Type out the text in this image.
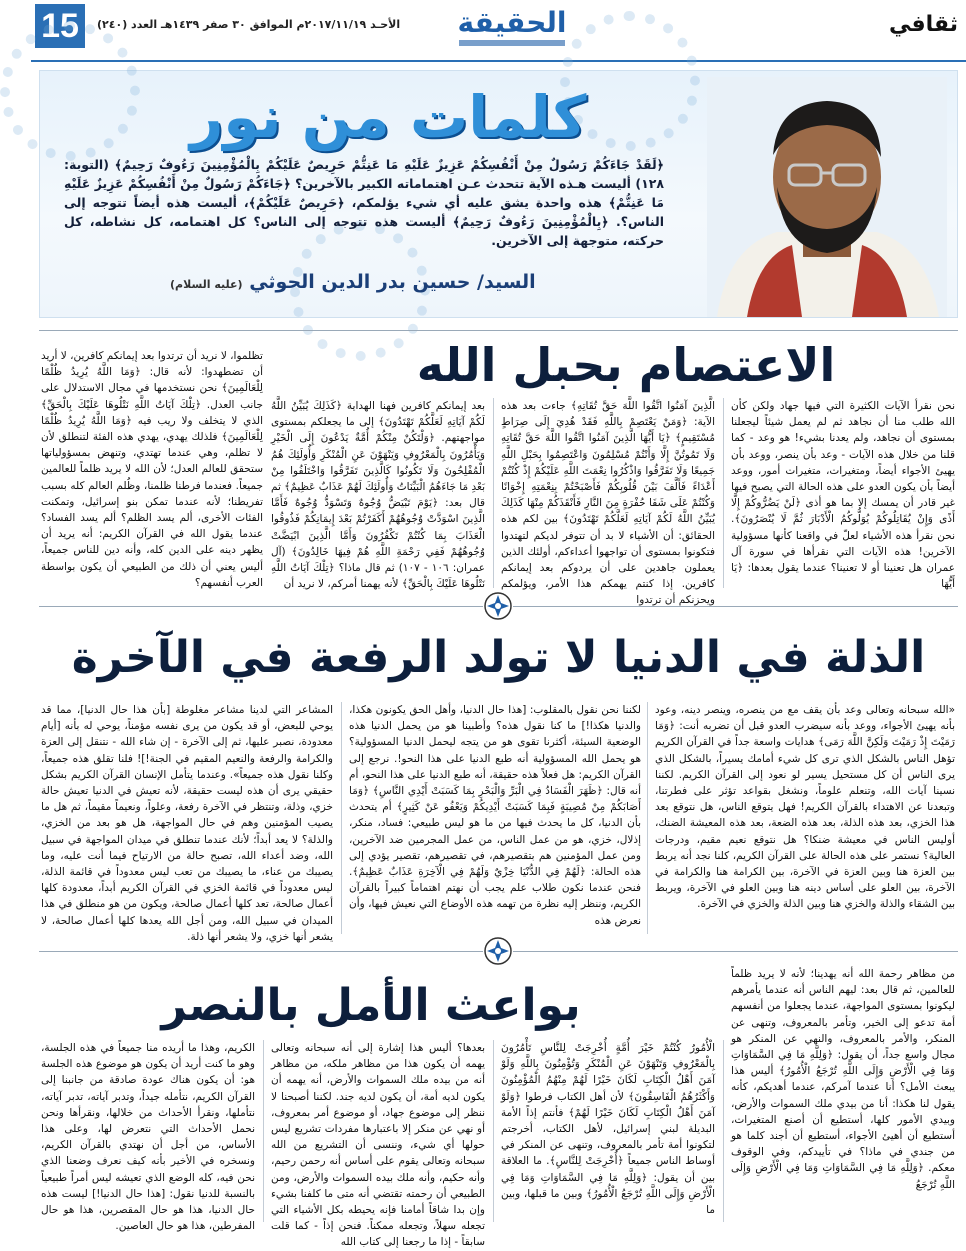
15	الأحـد ٢٠١٧/١١/١٩م الموافق ٣٠ صفر ١٤٣٩هـ العدد (٢٤٠) الحقيقة	ثقافي
كلمات من نور
﴿لَقَدْ جَاءَكُمْ رَسُولٌ مِنْ أَنْفُسِكُمْ عَزِيزٌ عَلَيْهِ مَا عَنِتُّمْ حَرِيصٌ عَلَيْكُمْ بِالْمُؤْمِنِينَ رَءُوفٌ رَحِيمٌ﴾ (التوبة: ١٢٨) أليست هـذه الآية تتحدث عـن اهتماماته الكبير بالآخرين؟ ﴿جَاءَكُمْ رَسُولٌ مِنْ أَنْفُسِكُمْ عَزِيزٌ عَلَيْهِ مَا عَنِتُّمْ﴾ هذه واحدة يشق عليه أي شيء يؤلمكم، ﴿حَرِيصٌ عَلَيْكُمْ﴾، أليست هذه أيضاً تتوجه إلى الناس؟. ﴿بِالْمُؤْمِنِينَ رَءُوفٌ رَحِيمٌ﴾ أليست هذه تتوجه إلى الناس؟ كل اهتمامه، كل نشاطه، كل حركته، متوجهة إلى الآخرين.
السيد/ حسين بدر الدين الحوثي (عليه السلام)
الاعتصام بحبل الله
نحن نقرأ الآيات الكثيرة التي فيها جهاد ولكن كأن الله طلب منا أن نجاهد ثم لم يعمل شيئاً ليجعلنا بمستوى أن نجاهد، ولم يعدنا بشيء! هو وعد - كما قلنا من خلال هذه الآيات - وعد بأن ينصر، ووعد بأن يهيئ الأجواء أيضاً، ومتغيرات، متغيرات أمور، ووعد أيضاً بأن يكون العدو على هذه الحالة التي يصبح فيها غير قادر أن يمسك إلا بما هو أذى ﴿لَنْ يَضُرُّوكُمْ إِلَّا أَذًى وَإِنْ يُقَاتِلُوكُمْ يُوَلُّوكُمُ الْأَدْبَارَ ثُمَّ لَا يُنْصَرُونَ﴾. نحن نقرأ هذه الأشياء لعلّ في واقعنا كأنها مسؤولية الآخرين! هذه الآيات التي نقرأها في سورة آل عمران هل تعنينا أو لا تعنينا؟ عندما يقول بعدها: ﴿يَا أَيُّهَا
الَّذِينَ آمَنُوا اتَّقُوا اللَّهَ حَقَّ تُقَاتِهِ﴾ جاءت بعد هذه الآية: ﴿وَمَنْ يَعْتَصِمْ بِاللَّهِ فَقَدْ هُدِيَ إِلَى صِرَاطٍ مُسْتَقِيمٍ﴾ ﴿يَا أَيُّهَا الَّذِينَ آمَنُوا اتَّقُوا اللَّهَ حَقَّ تُقَاتِهِ وَلَا تَمُوتُنَّ إِلَّا وَأَنْتُمْ مُسْلِمُونَ وَاعْتَصِمُوا بِحَبْلِ اللَّهِ جَمِيعًا وَلَا تَفَرَّقُوا وَاذْكُرُوا نِعْمَتَ اللَّهِ عَلَيْكُمْ إِذْ كُنْتُمْ أَعْدَاءً فَأَلَّفَ بَيْنَ قُلُوبِكُمْ فَأَصْبَحْتُمْ بِنِعْمَتِهِ إِخْوَانًا وَكُنْتُمْ عَلَى شَفَا حُفْرَةٍ مِنَ النَّارِ فَأَنْقَذَكُمْ مِنْهَا كَذَلِكَ يُبَيِّنُ اللَّهُ لَكُمْ آيَاتِهِ لَعَلَّكُمْ تَهْتَدُونَ﴾ بين لكم هذه الحقائق: أن الأشياء لا بد أن تتوفر لديكم لتهتدوا فتكونوا بمستوى أن تواجهوا أعداءكم، أولئك الذين يعملون جاهدين على أن يردوكم بعد إيمانكم كافرين. إذا كنتم يهمكم هذا الأمر، ويؤلمكم ويحزنكم أن ترتدوا
بعد إيمانكم كافرين فهنا الهداية ﴿كَذَلِكَ يُبَيِّنُ اللَّهُ لَكُمْ آيَاتِهِ لَعَلَّكُمْ تَهْتَدُونَ﴾ إلى ما يجعلكم بمستوى مواجهتهم. ﴿وَلْتَكُنْ مِنْكُمْ أُمَّةٌ يَدْعُونَ إِلَى الْخَيْرِ وَيَأْمُرُونَ بِالْمَعْرُوفِ وَيَنْهَوْنَ عَنِ الْمُنْكَرِ وَأُولَئِكَ هُمُ الْمُفْلِحُونَ وَلَا تَكُونُوا كَالَّذِينَ تَفَرَّقُوا وَاخْتَلَفُوا مِنْ بَعْدِ مَا جَاءَهُمُ الْبَيِّنَاتُ وَأُولَئِكَ لَهُمْ عَذَابٌ عَظِيمٌ﴾ ثم قال بعد: ﴿يَوْمَ تَبْيَضُّ وُجُوهٌ وَتَسْوَدُّ وُجُوهٌ فَأَمَّا الَّذِينَ اسْوَدَّتْ وُجُوهُهُمْ أَكَفَرْتُمْ بَعْدَ إِيمَانِكُمْ فَذُوقُوا الْعَذَابَ بِمَا كُنْتُمْ تَكْفُرُونَ وَأَمَّا الَّذِينَ ابْيَضَّتْ وُجُوهُهُمْ فَفِي رَحْمَةِ اللَّهِ هُمْ فِيهَا خَالِدُونَ﴾ (آل عمران: ١٠٦ - ١٠٧) ثم قال ماذا؟ ﴿تِلْكَ آيَاتُ اللَّهِ نَتْلُوهَا عَلَيْكَ بِالْحَقِّ﴾ لأنه يهمنا أمركم، لا نريد أن
تظلموا، لا نريد أن ترتدوا بعد إيمانكم كافرين، لا أريد أن تضطهدوا: لأنه قال: ﴿وَمَا اللَّهُ يُرِيدُ ظُلْمًا لِلْعَالَمِينَ﴾ نحن نستخدمها في مجال الاستدلال على جانب العدل. ﴿تِلْكَ آيَاتُ اللَّهِ نَتْلُوهَا عَلَيْكَ بِالْحَقِّ﴾ الذي لا يتخلف ولا ريب فيه ﴿وَمَا اللَّهُ يُرِيدُ ظُلْمًا لِلْعَالَمِينَ﴾ فلذلك يهدي، يهدي هذه الفئة لتنطلق لأن لا تظلم، وهي عندما تهتدي، وتنهض بمسؤولياتها ستحقق للعالم العدل؛ لأن الله لا يريد ظلماً للعالمين جميعاً. فعندما فرطنا ظلمنا، وظُلم العالم كله بسبب تفريطنا؛ لأنه عندما تمكن بنو إسرائيل، وتمكنت الفئات الأخرى، ألم يسد الظلم؟ ألم يسد الفساد؟ عندما يقول الله في القرآن الكريم: أنه يريد أن يظهر دينه على الدين كله، وأنه دين للناس جميعاً، أليس يعني أن ذلك من الطبيعي أن يكون بواسطة العرب أنفسهم؟
الذلة في الدنيا لا تولد الرفعة في الآخرة
«الله سبحانه وتعالى وعد بأن يقف مع من ينصره، وينصر دينه، وعود بأنه يهيئ الأجواء، ووعد بأنه سيضرب العدو قبل أن تضربه أنت: ﴿وَمَا رَمَيْتَ إِذْ رَمَيْتَ وَلَكِنَّ اللَّهَ رَمَى﴾ هدايات واسعة جداً في القرآن الكريم تؤهل الناس بالشكل الذي ترى كل شيء أمامك يسيراً، بالشكل الذي يرى الناس أن كل مستحيل يسير لو نعود إلى القرآن الكريم. لكننا نسينا آيات الله، وتنعلم علوماً، ونشغل بقواعد تؤثر على فطرتنا، وتبعدنا عن الاهتداء بالقرآن الكريم! فهل يتوقع الناس، هل نتوقع بعد هذا الخزي، بعد هذه الذلة، بعد هذه الضعة، بعد هذه المعيشة الضنك، أوليس الناس في معيشة ضنكا؟ هل نتوقع نعيم مقيم، ودرجات العالية؟ نستمر على هذه الحالة على القرآن الكريم، كلنا نجد أنه يربط بين العزة هنا وبين العزة في الآخرة، بين الكرامة هنا والكرامة في الآخرة، بين العلو على أساس دينه هنا وبين العلو في الآخرة، ويربط بين الشقاء والذلة والخزي هنا وبين الذلة والخزي في الآخرة.
لكننا نحن نقول بالمقلوب: [هذا حال الدنيا، وأهل الحق يكونون هكذا، والدنيا هكذا!] ما كنا نقول هذه؟ وأطبينا هو من يحمل الدنيا هذه الوضعية السيئة، أكثرنا تقوى هو من يتجه ليحمل الدنيا المسؤولية؟ هو يحمل الله المسؤولية أنه طبع الدنيا على هذا النحو!. نرجع إلى القرآن الكريم: هل فعلاً هذه حقيقة، أنه طبع الدنيا على هذا النحو، أم أنه قال: ﴿ظَهَرَ الْفَسَادُ فِي الْبَرِّ وَالْبَحْرِ بِمَا كَسَبَتْ أَيْدِي النَّاسِ﴾ ﴿وَمَا أَصَابَكُمْ مِنْ مُصِيبَةٍ فَبِمَا كَسَبَتْ أَيْدِيكُمْ وَيَعْفُو عَنْ كَثِيرٍ﴾ أم يتحدث بأن الدنيا، كل ما يحدث فيها من ما هو ليس طبيعي: فساد، منكر، إذلال، خزي، هو من عمل الناس، من عمل المجرمين ضد الآخرين، ومن عمل المؤمنين هم بتقصيرهم، في تقصيرهم، تقصير يؤدي إلى هذه الحالة: ﴿لَهُمْ فِي الدُّنْيَا خِزْيٌ وَلَهُمْ فِي الْآخِرَةِ عَذَابٌ عَظِيمٌ﴾. فنحن عندما نكون طلاب علم يجب أن نهتم اهتماماً كبيراً بالقرآن الكريم، وننظر إليه نظرة من تهمه هذه الأوضاع التي نعيش فيها، وأن نعرض هذه
المشاعر التي لدينا مشاعر مغلوطة [بأن هذا حال الدنيا]، مما قد يوحي للبعض، أو قد يكون من يرى نفسه مؤمناً، يوحي له بأنه [أيام معدودة، نصبر عليها، ثم إلى الآخرة - إن شاء الله - نتنقل إلى العزة والكرامة والرفعة والنعيم المقيم في الجنة!]! فلنا تقلق هذه جميعاً، وكلنا نقول هذه جميعاً». وعندما يتأمل الإنسان القرآن الكريم بشكل حقيقي يرى أن هذه ليست حقيقة، لأنه تعيش في الدنيا تعيش حالة خزي، وذلة، وتنتظر في الآخرة رفعة، وعلواً، ونعيماً مقيماً، ثم هل ما يصيب المؤمنين وهم في حال المواجهة، هل هو بعد من الخزي، والذلة؟ لا يعد أبداً؛ لأنك عندما تنطلق في ميدان المواجهة في سبيل الله، وضد أعداء الله، تصبح حالة من الارتياح فيما أنت عليه، وما يصيبك من عناء، ما يصيبك من تعب ليس معدوداً في قائمة الذلة، ليس معدوداً في قائمة الخزي في القرآن الكريم أبداً، معدودة كلها أعمال صالحة، تعد كلها أعمال صالحة، ويكون من هو منطلق في هذا الميدان في سبيل الله، ومن أجل الله يعدها كلها أعمال صالحة، لا يشعر أنها خزي، ولا يشعر أنها ذلة.
بواعث الأمل بالنصر
من مظاهر رحمة الله أنه يهدينا؛ لأنه لا يريد ظلماً للعالمين، ثم قال بعد: ليهم الناس أنه عندما يأمرهم ليكونوا بمستوى المواجهة، عندما يجعلوا من أنفسهم أمة تدعو إلى الخير، وتأمر بالمعروف، وتنهى عن المنكر، والأمر بالمعروف، والنهي عن المنكر هو مجال واسع جداً، أن يقول: ﴿وَلِلَّهِ مَا فِي السَّمَاوَاتِ وَمَا فِي الْأَرْضِ وَإِلَى اللَّهِ تُرْجَعُ الْأُمُورُ﴾ أليس هذا يبعث الأمل؟ أنا عندما آمركم، عندما أهديكم، كأنه يقول لنا هكذا: أنا من بيدي ملك السموات والأرض، وبيدي الأمور كلها، أستطيع أن أصنع المتغيرات، أستطيع أن أهيئ الأجواء، أستطيع أن أجند كلما هو من جندي في ماذا؟ في تأييدكم، وفي الوقوف معكم. ﴿وَلِلَّهِ مَا فِي السَّمَاوَاتِ وَمَا فِي الْأَرْضِ وَإِلَى اللَّهِ تُرْجَعُ
الْأُمُورُ كُنْتُمْ خَيْرَ أُمَّةٍ أُخْرِجَتْ لِلنَّاسِ تَأْمُرُونَ بِالْمَعْرُوفِ وَتَنْهَوْنَ عَنِ الْمُنْكَرِ وَتُؤْمِنُونَ بِاللَّهِ وَلَوْ آمَنَ أَهْلُ الْكِتَابِ لَكَانَ خَيْرًا لَهُمْ مِنْهُمُ الْمُؤْمِنُونَ وَأَكْثَرُهُمُ الْفَاسِقُونَ﴾ لأن أهل الكتاب فرطوا ﴿وَلَوْ آمَنَ أَهْلُ الْكِتَابِ لَكَانَ خَيْرًا لَهُمْ﴾ فأنتم إذاً الأمة البديلة لبني إسرائيل، لأهل الكتاب، أخرجتم لتكونوا أمة تأمر بالمعروف، وتنهى عن المنكر في أوساط الناس جميعاً ﴿أُخْرِجَتْ لِلنَّاسِ﴾. ما العلاقة بين أن يقول: ﴿وَلِلَّهِ مَا فِي السَّمَاوَاتِ وَمَا فِي الْأَرْضِ وَإِلَى اللَّهِ تُرْجَعُ الْأُمُورُ﴾ وبين ما قبلها، وبين ما
بعدها؟ أليس هذا إشارة إلى أنه سبحانه وتعالى يهمه أن يكون هذا من مظاهر ملكه، من مظاهر أنه من بيده ملك السموات والأرض، أنه يهمه أن يكون لديه أمة، أن يكون لديه جند. لكننا أصبحنا لا ننظر إلى موضوع جهاد، أو موضوع أمر بمعروف، أو نهي عن منكر إلا باعتبارها مفردات تشريع ليس حولها أي شيء، وننسى أن التشريع من الله سبحانه وتعالى يقوم على أساس أنه رحمن رحيم، وأنه حكيم، وأنه ملك بيده السموات والأرض، ومن الطبيعي أن رحمته تقتضي أنه متى ما كلفنا بشيء وإن بدا شاقاً أمامنا فإنه يحيطه بكل الأشياء التي تجعله سهلاً، وتجعله ممكناً. فنحن إذاً - كما قلت سابقاً - إذا ما رجعنا إلى كتاب الله
الكريم، وهذا ما أريده منا جميعاً في هذه الجلسة، وهو ما كنت أريد أن يكون هو موضوع هذه الجلسة هو: أن يكون هناك عودة صادقة من جانبنا إلى القرآن الكريم، نتأمله جيداً، وتدبر آياته، تدبر آياته، نتأملها، ونقرأ الأحداث من خلالها، ونقرأها ونحن نحمل الأحداث التي نتعرض لها، وعلى هذا الأساس، من أجل أن نهتدي بالقرآن الكريم، ونسخره في الأخير بأنه كيف نعرف وضعنا الذي نحن فيه، كله الوضع الذي تعيشه ليس أمراً طبيعياً بالنسبة للدنيا نقول: [هذا حال الدنيا!] ليست هذه حال الدنيا، هذا هو حال المقصرين، هذا هو حال المفرطين، هذا هو حال العاصين.
